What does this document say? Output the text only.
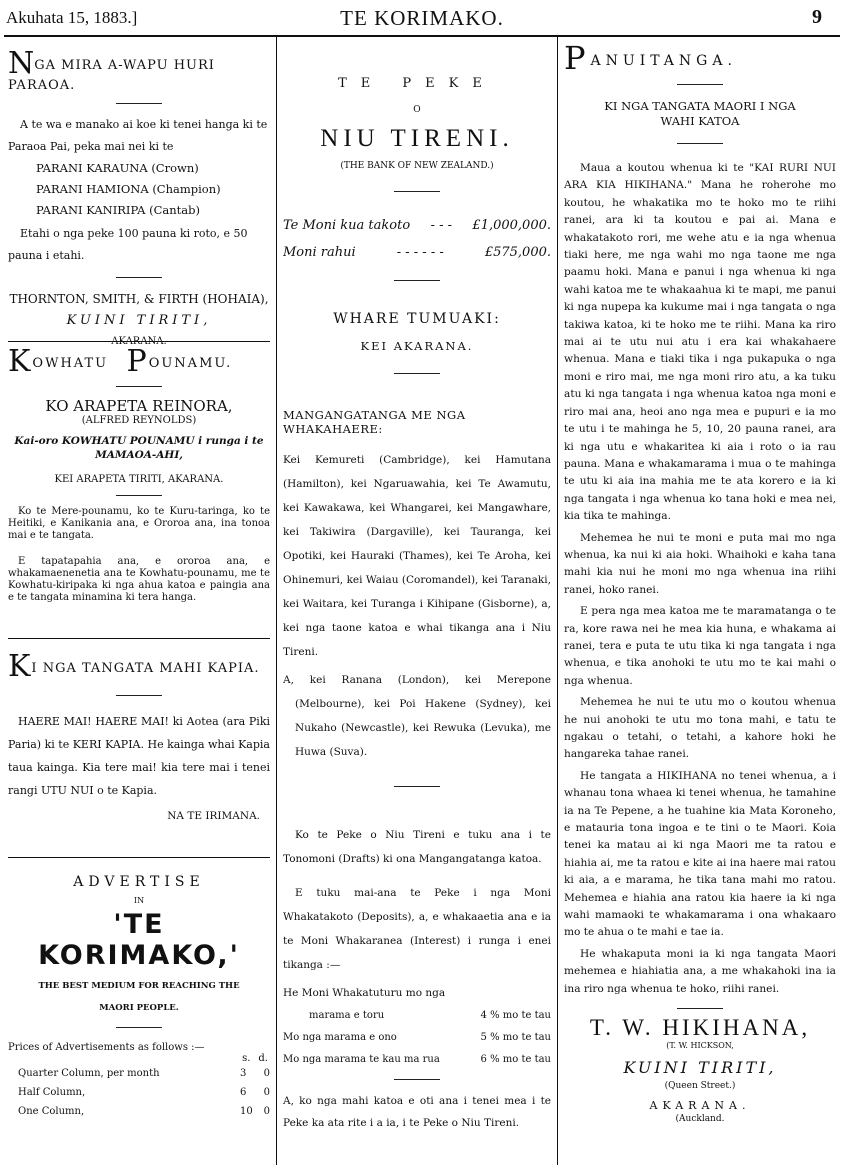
Akuhata 15, 1883.]	TE KORIMAKO.	9
NGA MIRA A-WAPU HURI PARAOA.

A te wa e manako ai koe ki tenei hanga ki te Paraoa Pai, peka mai nei ki te

PARANI KARAUNA (Crown)

PARANI HAMIONA (Champion)

PARANI KANIRIPA (Cantab)

Etahi o nga peke 100 pauna ki roto, e 50 pauna i etahi.

THORNTON, SMITH, & FIRTH (HOHAIA),

KUINI TIRITI,

KOWHATU POUNAMU.

KO ARAPETA REINORA,

(ALFRED REYNOLDS)

Kai-oro KOWHATU POUNAMU i runga i te MAMAOA-AHI,

KEI ARAPETA TIRITI, AKARANA.

Ko te Mere-pounamu, ko te Kuru-taringa, ko te Heitiki, e Kanikania ana, e Ororoa ana, ina tonoa mai e te tangata.

E tapatapahia ana, e ororoa ana, e whakamaenenetia ana te Kowhatu-pounamu, me te Kowhatu-kiripaka ki nga ahua katoa e paingia ana e te tangata minamina ki tera hanga.

KI NGA TANGATA MAHI KAPIA.

HAERE MAI! HAERE MAI! ki Aotea (ara Piki Paria) ki te KERI KAPIA. He kainga whai Kapia taua kainga. Kia tere mai! kia tere mai i tenei rangi UTU NUI o te Kapia.

NA TE IRIMANA.

ADVERTISE

IN

'TE KORIMAKO,'

THE BEST MEDIUM FOR REACHING THE

MAORI PEOPLE.

Prices of Advertisements as follows :—

s. d.
Quarter Column, per month	3 0
Half Column,	6 0
One Column,	10 0

TE PEKE

O

NIU TIRENI.

(THE BANK OF NEW ZEALAND.)

Te Moni kua takoto - - - £1,000,000.
Moni rahui	- - - - - -	£575,000.

WHARE TUMUAKI:

KEI AKARANA.

MANGANGATANGA ME NGA WHAKAHAERE:

Kei Kemureti (Cambridge), kei Hamutana (Hamilton), kei Ngaruawahia, kei Te Awamutu, kei Kawakawa, kei Whangarei, kei Mangawhare, kei Takiwira (Dargaville), kei Tauranga, kei Opotiki, kei Hauraki (Thames), kei Te Aroha, kei Ohinemuri, kei Waiau (Coromandel), kei Taranaki, kei Waitara, kei Turanga i Kihipane (Gisborne), a, kei nga taone katoa e whai tikanga ana i Niu Tireni.

A, kei Ranana (London), kei Merepone (Melbourne), kei Poi Hakene (Sydney), kei Nukaho (Newcastle), kei Rewuka (Levuka), me Huwa (Suva).

Ko te Peke o Niu Tireni e tuku ana i te Tonomoni (Drafts) ki ona Mangangatanga katoa.

E tuku mai-ana te Peke i nga Moni Whakatakoto (Deposits), a, e whakaaetia ana e ia te Moni Whakaranea (Interest) i runga i enei tikanga :—

He Moni Whakatuturu mo nga

marama e toru	4 % mo te tau
Mo nga marama e ono	5 % mo te tau
Mo nga marama te kau ma rua	6 % mo te tau

A, ko nga mahi katoa e oti ana i tenei mea i te Peke ka ata rite i a ia, i te Peke o Niu Tireni.

PANUITANGA.

KI NGA TANGATA MAORI I NGA WAHI KATOA

Maua a koutou whenua ki te "KAI RURI NUI ARA KIA HIKIHANA." Mana he roherohe mo koutou, he whakatika mo te hoko mo te riihi ranei, ara ki ta koutou e pai ai. Mana e whakatakoto rori, me wehe atu e ia nga whenua tiaki here, me nga wahi mo nga taone me nga paamu hoki. Mana e panui i nga whenua ki nga wahi katoa me te whakaahua ki te mapi, me panui ki nga nupepa ka kukume mai i nga tangata o nga takiwa katoa, ki te hoko me te riihi. Mana ka riro mai ai te utu nui atu i era kai whakahaere whenua. Mana e tiaki tika i nga pukapuka o nga moni e riro mai, me nga moni riro atu, a ka tuku atu ki nga tangata i nga whenua katoa nga moni e riro mai ana, heoi ano nga mea e pupuri e ia mo te utu i te mahinga he 5, 10, 20 pauna ranei, ara ki nga utu e whakaritea ki aia i roto o ia rau pauna. Mana e whakamarama i mua o te mahinga te utu ki aia ina mahia me te ata korero e ia ki nga tangata i nga whenua ko tana hoki e mea nei, kia tika te mahinga.

Mehemea he nui te moni e puta mai mo nga whenua, ka nui ki aia hoki. Whaihoki e kaha tana mahi kia nui he moni mo nga whenua ina riihi ranei, hoko ranei.

E pera nga mea katoa me te maramatanga o te ra, kore rawa nei he mea kia huna, e whakama ai ranei, tera e puta te utu tika ki nga tangata i nga whenua, e tika anohoki te utu mo te kai mahi o nga whenua.

Mehemea he nui te utu mo o koutou whenua he nui anohoki te utu mo tona mahi, e tatu te ngakau o tetahi, o tetahi, a kahore hoki he hangareka tahae ranei.

He tangata a HIKIHANA no tenei whenua, a i whanau tona whaea ki tenei whenua, he tamahine ia na Te Pepene, a he tuahine kia Mata Koroneho, e matauria tona ingoa e te tini o te Maori. Koia tenei ka matau ai ki nga Maori me ta ratou e hiahia ai, me ta ratou e kite ai ina haere mai ratou ki aia, a e marama, he tika tana mahi mo ratou. Mehemea e hiahia ana ratou kia haere ia ki nga wahi mamaoki te whakamarama i ona whakaaro mo te ahua o te mahi e tae ia.

He whakaputa moni ia ki nga tangata Maori mehemea e hiahiatia ana, a me whakahoki ina ia ina riro nga whenua te hoko, riihi ranei.

T. W. HIKIHANA,

(T. W. HICKSON,

KUINI TIRITI,

(Queen Street.)

AKARANA.

(Auckland.
